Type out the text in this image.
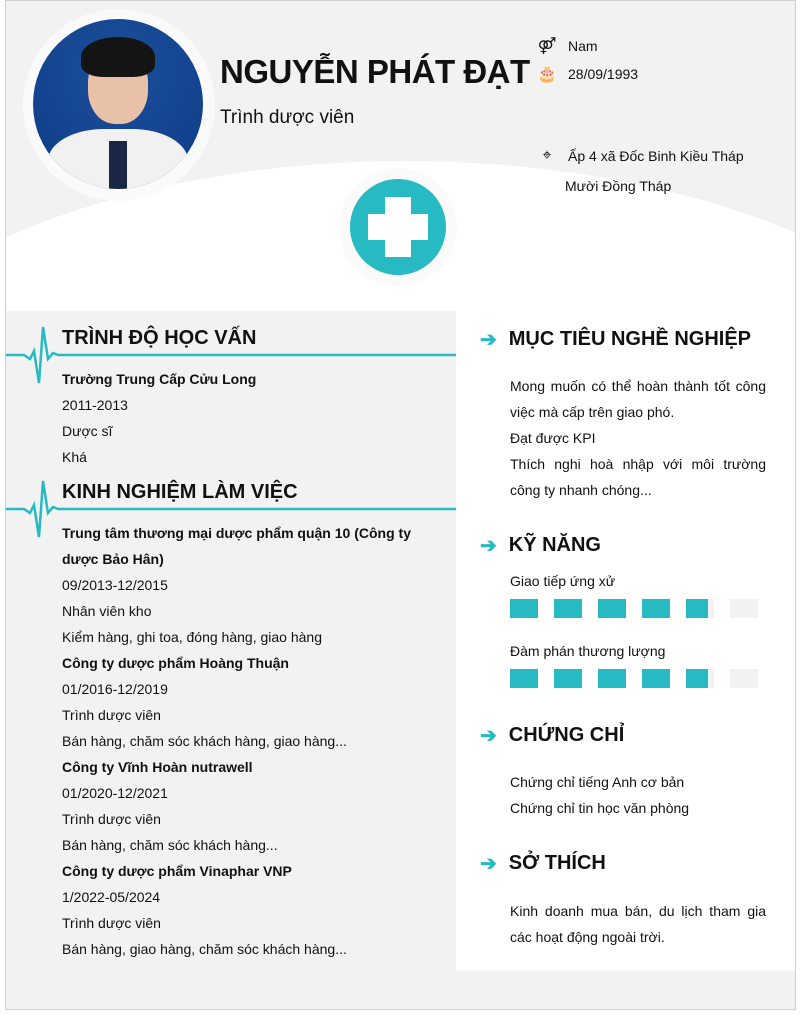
NGUYỄN PHÁT ĐẠT
Trình dược viên
⚤ Nam
🎂 28/09/1993
⌖	Ấp 4 xã Đốc Binh Kiều Tháp
Mười Đồng Tháp
TRÌNH ĐỘ HỌC VẤN
Trường Trung Cấp Cửu Long
2011-2013
Dược sĩ
Khá
KINH NGHIỆM LÀM VIỆC
Trung tâm thương mại dược phẩm quận 10 (Công ty
dược Bảo Hân)
09/2013-12/2015
Nhân viên kho
Kiểm hàng, ghi toa, đóng hàng, giao hàng
Công ty dược phẩm Hoàng Thuận
01/2016-12/2019
Trình dược viên
Bán hàng, chăm sóc khách hàng, giao hàng...
Công ty Vĩnh Hoàn nutrawell
01/2020-12/2021
Trình dược viên
Bán hàng, chăm sóc khách hàng...
Công ty dược phẩm Vinaphar VNP
1/2022-05/2024
Trình dược viên
Bán hàng, giao hàng, chăm sóc khách hàng...
➔ MỤC TIÊU NGHỀ NGHIỆP
Mong muốn có thể hoàn thành tốt công việc mà cấp trên giao phó.
Đạt được KPI
Thích nghi hoà nhập với môi trường công ty nhanh chóng...
➔ KỸ NĂNG
Giao tiếp ứng xử
Đàm phán thương lượng
➔ CHỨNG CHỈ
Chứng chỉ tiếng Anh cơ bản
Chứng chỉ tin học văn phòng
➔ SỞ THÍCH
Kinh doanh mua bán, du lịch tham gia các hoạt động ngoài trời.
